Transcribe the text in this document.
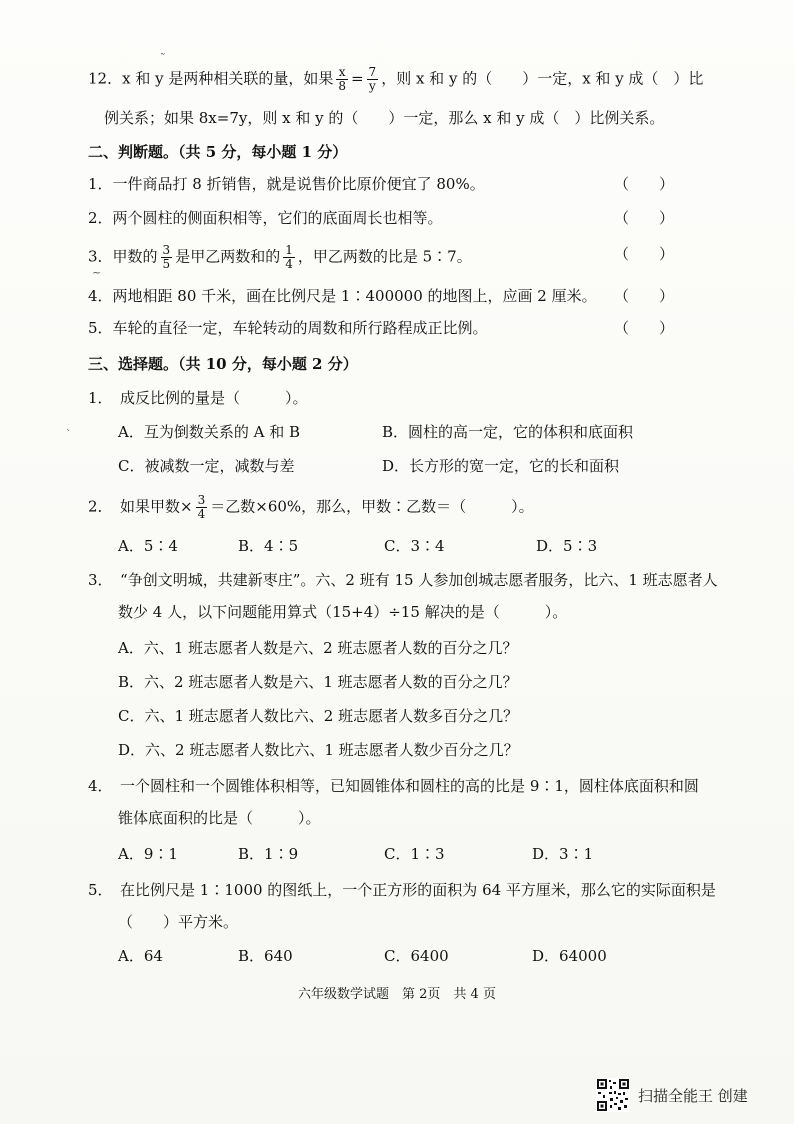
12．x 和 y 是两种相关联的量，如果 $\frac{x}{8} = \frac{7}{y}$ ，则 x 和 y 的（　　）一定，x 和 y 成（　）比
例关系；如果 8x=7y，则 x 和 y 的（　　）一定，那么 x 和 y 成（　）比例关系。
二、判断题。（共 5 分，每小题 1 分）
1．一件商品打 8 折销售，就是说售价比原价便宜了 80%。	（　　）
2．两个圆柱的侧面积相等，它们的底面周长也相等。	（　　）
3．甲数的 $\frac{3}{5}$ 是甲乙两数和的 $\frac{1}{4}$ ，甲乙两数的比是 5∶7。	（　　）
4．两地相距 80 千米，画在比例尺是 1∶400000 的地图上，应画 2 厘米。 （　　）
5．车轮的直径一定，车轮转动的周数和所行路程成正比例。	（　　）
三、选择题。（共 10 分，每小题 2 分）
1．　成反比例的量是（　　　）。
A．互为倒数关系的 A 和 B	B．圆柱的高一定，它的体积和底面积
C．被减数一定，减数与差	D．长方形的宽一定，它的长和面积
2．　如果甲数× $\frac{3}{4}$ ＝乙数×60%，那么，甲数∶乙数＝（　　　）。
A．5∶4	B．4∶5	C．3∶4	D．5∶3
3．　“争创文明城，共建新枣庄”。六、2 班有 15 人参加创城志愿者服务，比六、1 班志愿者人
数少 4 人，以下问题能用算式（15+4）÷15 解决的是（　　　）。
A．六、1 班志愿者人数是六、2 班志愿者人数的百分之几？
B．六、2 班志愿者人数是六、1 班志愿者人数的百分之几？
C．六、1 班志愿者人数比六、2 班志愿者人数多百分之几？
D．六、2 班志愿者人数比六、1 班志愿者人数少百分之几？
4．　一个圆柱和一个圆锥体积相等，已知圆锥体和圆柱的高的比是 9∶1，圆柱体底面积和圆
锥体底面积的比是（　　　）。
A．9∶1	B．1∶9	C．1∶3	D．3∶1
5．　在比例尺是 1∶1000 的图纸上，一个正方形的面积为 64 平方厘米，那么它的实际面积是
（　　）平方米。
A．64	B．640	C．6400	D．64000
六年级数学试题　第 2页　共 4 页
˜
`
~
扫描全能王 创建
